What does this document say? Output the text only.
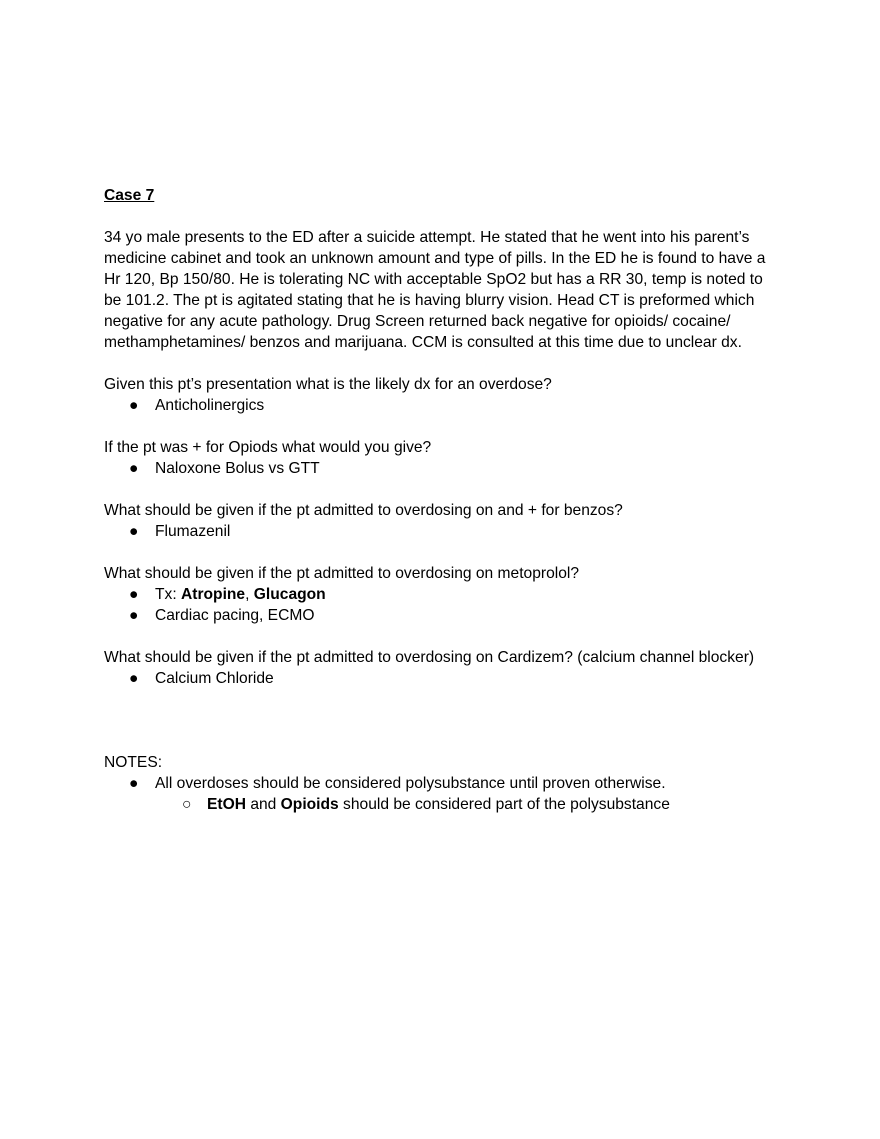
Case 7

34 yo male presents to the ED after a suicide attempt. He stated that he went into his parent’s medicine cabinet and took an unknown amount and type of pills. In the ED he is found to have a Hr 120, Bp 150/80. He is tolerating NC with acceptable SpO2 but has a RR 30, temp is noted to be 101.2. The pt is agitated stating that he is having blurry vision. Head CT is preformed which negative for any acute pathology. Drug Screen returned back negative for opioids/ cocaine/ methamphetamines/ benzos and marijuana. CCM is consulted at this time due to unclear dx.

Given this pt’s presentation what is the likely dx for an overdose?

● Anticholinergics

If the pt was + for Opiods what would you give?

● Naloxone Bolus vs GTT

What should be given if the pt admitted to overdosing on and + for benzos?

● Flumazenil

What should be given if the pt admitted to overdosing on metoprolol?

● Tx: Atropine, Glucagon
● Cardiac pacing, ECMO

What should be given if the pt admitted to overdosing on Cardizem? (calcium channel blocker)

● Calcium Chloride

NOTES:

● All overdoses should be considered polysubstance until proven otherwise.
○ EtOH and Opioids should be considered part of the polysubstance
